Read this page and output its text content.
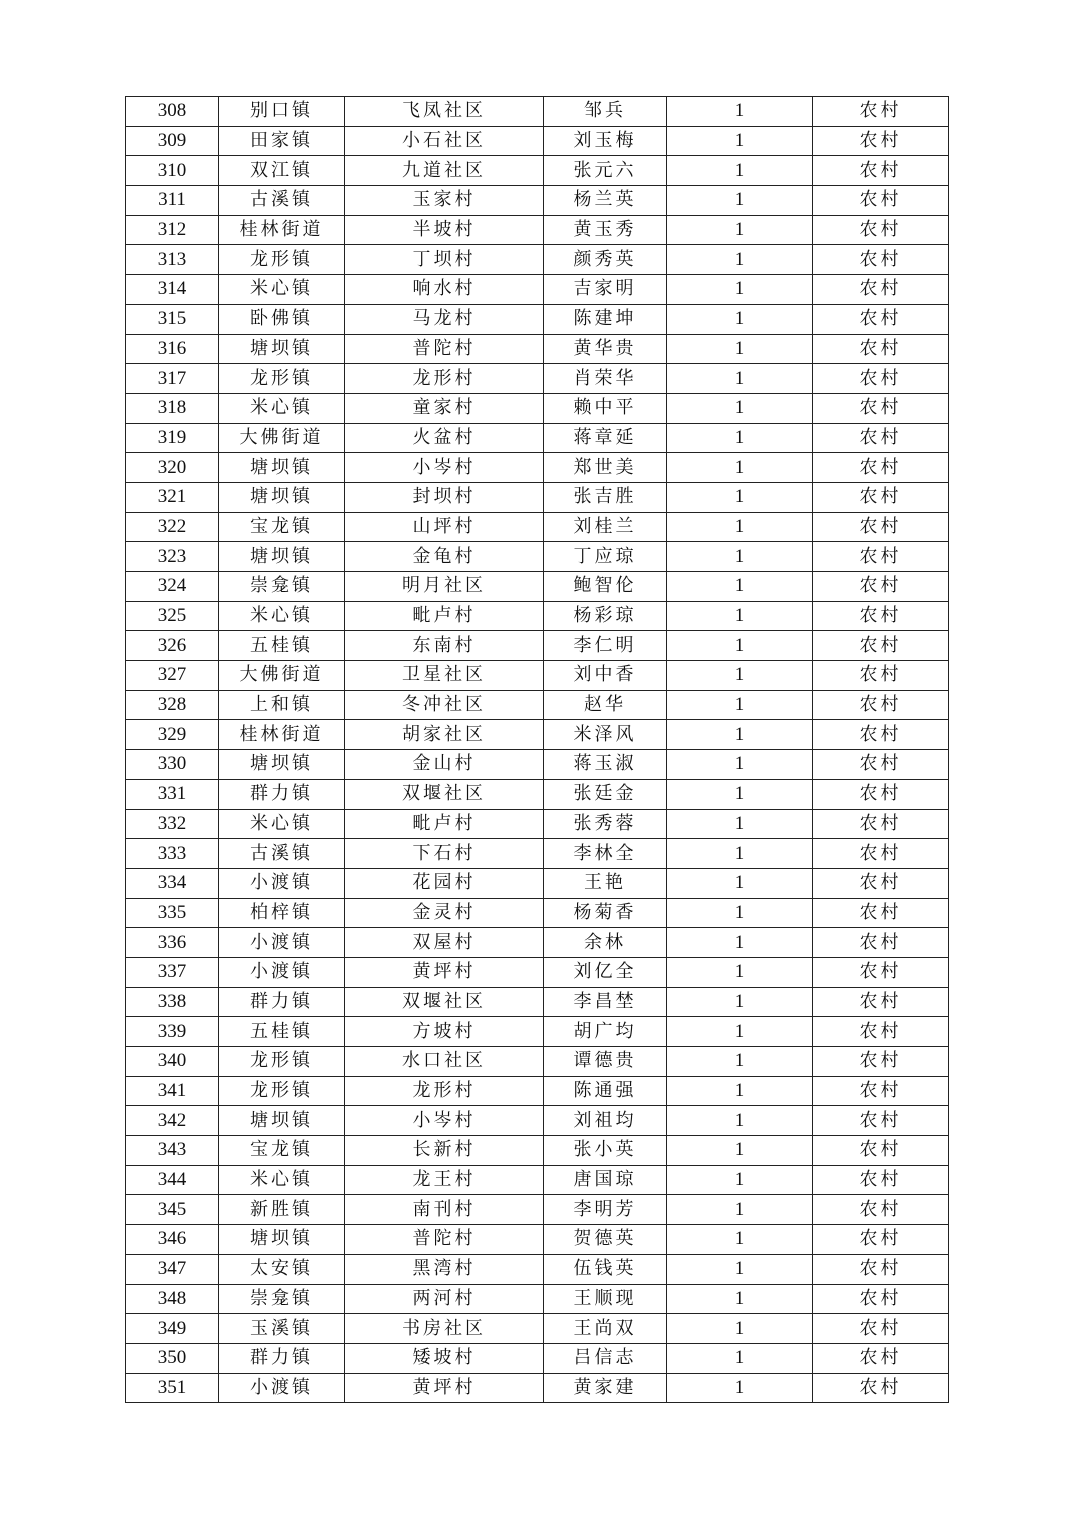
308	别口镇	飞凤社区	邹兵	1	农村
309	田家镇	小石社区	刘玉梅	1	农村
310	双江镇	九道社区	张元六	1	农村
311	古溪镇	玉家村	杨兰英	1	农村
312	桂林街道	半坡村	黄玉秀	1	农村
313	龙形镇	丁坝村	颜秀英	1	农村
314	米心镇	响水村	吉家明	1	农村
315	卧佛镇	马龙村	陈建坤	1	农村
316	塘坝镇	普陀村	黄华贵	1	农村
317	龙形镇	龙形村	肖荣华	1	农村
318	米心镇	童家村	赖中平	1	农村
319	大佛街道	火盆村	蒋章延	1	农村
320	塘坝镇	小岑村	郑世美	1	农村
321	塘坝镇	封坝村	张吉胜	1	农村
322	宝龙镇	山坪村	刘桂兰	1	农村
323	塘坝镇	金龟村	丁应琼	1	农村
324	崇龛镇	明月社区	鲍智伦	1	农村
325	米心镇	毗卢村	杨彩琼	1	农村
326	五桂镇	东南村	李仁明	1	农村
327	大佛街道	卫星社区	刘中香	1	农村
328	上和镇	冬冲社区	赵华	1	农村
329	桂林街道	胡家社区	米泽风	1	农村
330	塘坝镇	金山村	蒋玉淑	1	农村
331	群力镇	双堰社区	张廷金	1	农村
332	米心镇	毗卢村	张秀蓉	1	农村
333	古溪镇	下石村	李林全	1	农村
334	小渡镇	花园村	王艳	1	农村
335	柏梓镇	金灵村	杨菊香	1	农村
336	小渡镇	双屋村	余林	1	农村
337	小渡镇	黄坪村	刘亿全	1	农村
338	群力镇	双堰社区	李昌埜	1	农村
339	五桂镇	方坡村	胡广均	1	农村
340	龙形镇	水口社区	谭德贵	1	农村
341	龙形镇	龙形村	陈通强	1	农村
342	塘坝镇	小岑村	刘祖均	1	农村
343	宝龙镇	长新村	张小英	1	农村
344	米心镇	龙王村	唐国琼	1	农村
345	新胜镇	南刊村	李明芳	1	农村
346	塘坝镇	普陀村	贺德英	1	农村
347	太安镇	黑湾村	伍钱英	1	农村
348	崇龛镇	两河村	王顺现	1	农村
349	玉溪镇	书房社区	王尚双	1	农村
350	群力镇	矮坡村	吕信志	1	农村
351	小渡镇	黄坪村	黄家建	1	农村
